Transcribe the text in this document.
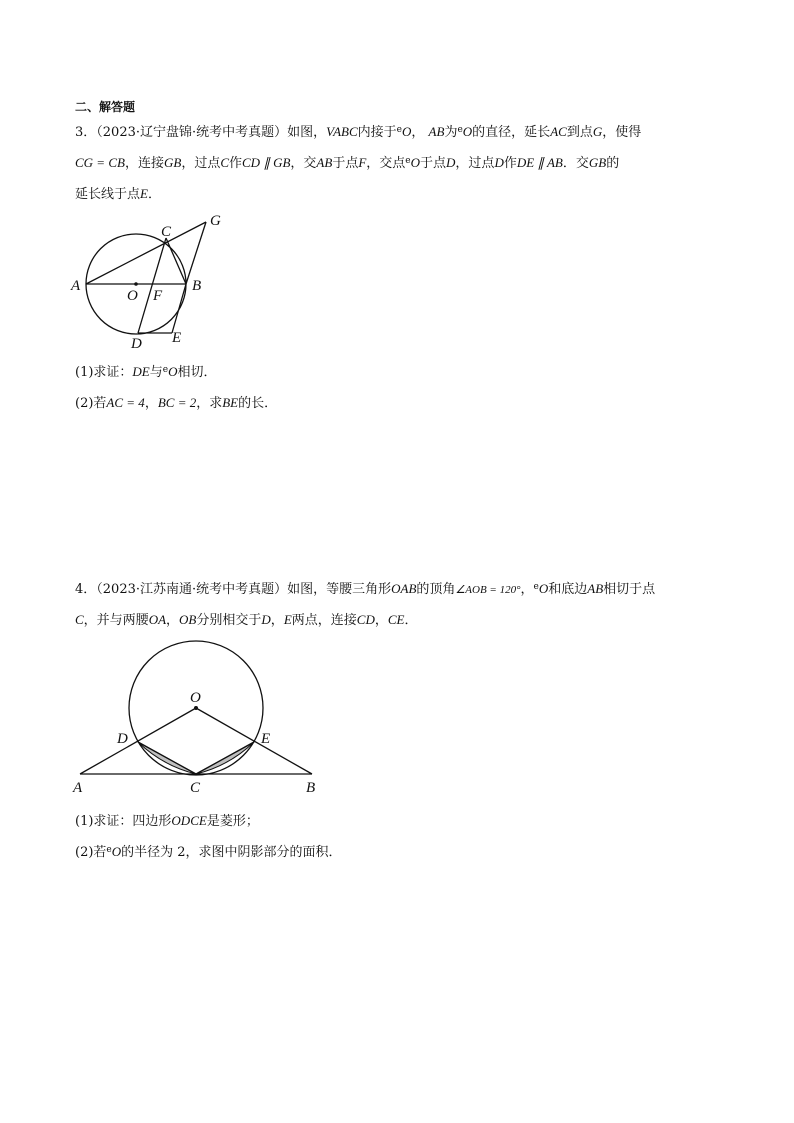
二、解答题
3．（2023·辽宁盘锦·统考中考真题）如图，VABC内接于$^e$O， AB为$^e$O的直径，延长AC到点G，使得
CG = CB，连接GB，过点C作CD ∥ GB，交AB于点F，交点$^e$O于点D，过点D作DE ∥ AB．交GB的
延长线于点E．
A
O F
B
C
G
D E
(1)求证：DE与$^e$O相切．
(2)若AC = 4，BC = 2，求BE的长．
4．（2023·江苏南通·统考中考真题）如图，等腰三角形OAB的顶角∠AOB = 120°，$^e$O和底边AB相切于点
C，并与两腰OA，OB分别相交于D，E两点，连接CD，CE．
O
D	E
A	C	B
(1)求证：四边形ODCE是菱形；
(2)若$^e$O的半径为 2，求图中阴影部分的面积．
